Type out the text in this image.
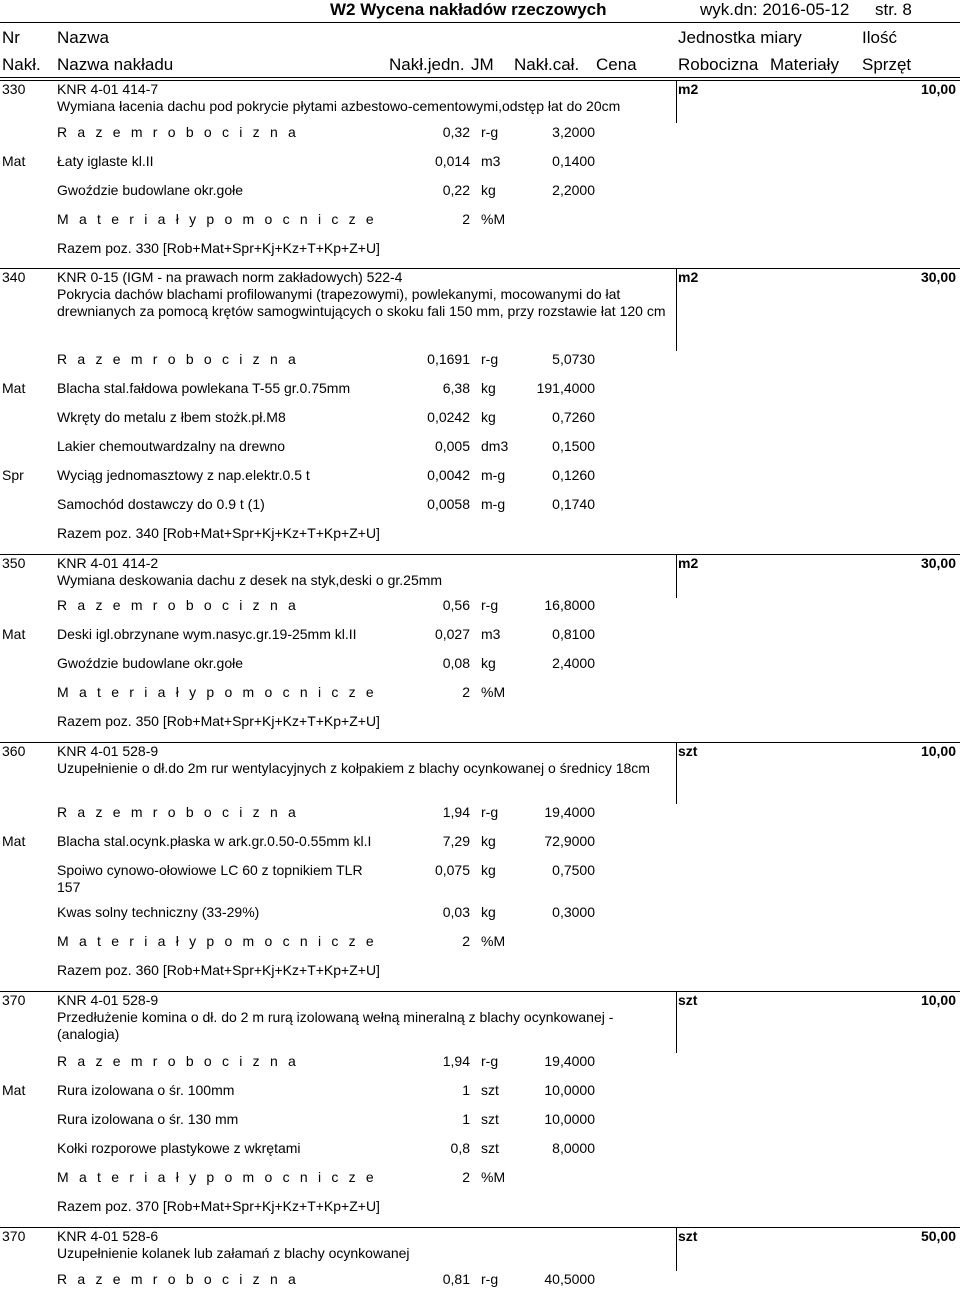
W2 Wycena nakładów rzeczowych	wyk.dn: 2016-05-12 str. 8
Nr Nazwa	Jednostka miary	Ilość
Nakł. Nazwa nakładu	Nakł.jedn. JM Nakł.cał. Cena Robocizna Materiały Sprzęt
330 KNR 4-01 414-7
Wymiana łacenia dachu pod pokrycie płytami azbestowo-cementowymi,odstęp łat do 20cm
m2	10,00
R a z e m r o b o c i z n a	0,32 r-g	3,2000
Mat Łaty iglaste kl.II	0,014 m3	0,1400
Gwoździe budowlane okr.gołe	0,22 kg	2,2000
M a t e r i a ł y p o m o c n i c z e	2 %M
Razem poz. 330 [Rob+Mat+Spr+Kj+Kz+T+Kp+Z+U]
340 KNR 0-15 (IGM - na prawach norm zakładowych) 522-4
Pokrycia dachów blachami profilowanymi (trapezowymi), powlekanymi, mocowanymi do łat drewnianych za pomocą krętów samogwintujących o skoku fali 150 mm, przy rozstawie łat 120 cm
m2	30,00
R a z e m r o b o c i z n a	0,1691 r-g	5,0730
Mat Blacha stal.fałdowa powlekana T-55 gr.0.75mm	6,38 kg	191,4000
Wkręty do metalu z łbem stożk.pł.M8	0,0242 kg	0,7260
Lakier chemoutwardzalny na drewno	0,005 dm3	0,1500
Spr Wyciąg jednomasztowy z nap.elektr.0.5 t	0,0042 m-g	0,1260
Samochód dostawczy do 0.9 t (1)	0,0058 m-g	0,1740
Razem poz. 340 [Rob+Mat+Spr+Kj+Kz+T+Kp+Z+U]
350 KNR 4-01 414-2
Wymiana deskowania dachu z desek na styk,deski o gr.25mm
m2	30,00
R a z e m r o b o c i z n a	0,56 r-g	16,8000
Mat Deski igl.obrzynane wym.nasyc.gr.19-25mm kl.II	0,027 m3	0,8100
Gwoździe budowlane okr.gołe	0,08 kg	2,4000
M a t e r i a ł y p o m o c n i c z e	2 %M
Razem poz. 350 [Rob+Mat+Spr+Kj+Kz+T+Kp+Z+U]
360 KNR 4-01 528-9
Uzupełnienie o dł.do 2m rur wentylacyjnych z kołpakiem z blachy ocynkowanej o średnicy 18cm
szt	10,00
R a z e m r o b o c i z n a	1,94 r-g	19,4000
Mat Blacha stal.ocynk.płaska w ark.gr.0.50-0.55mm kl.I	7,29 kg	72,9000
Spoiwo cynowo-ołowiowe LC 60 z topnikiem TLR 157
0,075 kg	0,7500
Kwas solny techniczny (33-29%)	0,03 kg	0,3000
M a t e r i a ł y p o m o c n i c z e	2 %M
Razem poz. 360 [Rob+Mat+Spr+Kj+Kz+T+Kp+Z+U]
370 KNR 4-01 528-9
Przedłużenie komina o dł. do 2 m rurą izolowaną wełną mineralną z blachy ocynkowanej - (analogia)
szt	10,00
R a z e m r o b o c i z n a	1,94 r-g	19,4000
Mat Rura izolowana o śr. 100mm	1 szt	10,0000
Rura izolowana o śr. 130 mm	1 szt	10,0000
Kołki rozporowe plastykowe z wkrętami	0,8 szt	8,0000
M a t e r i a ł y p o m o c n i c z e	2 %M
Razem poz. 370 [Rob+Mat+Spr+Kj+Kz+T+Kp+Z+U]
370 KNR 4-01 528-6
Uzupełnienie kolanek lub załamań z blachy ocynkowanej
szt	50,00
R a z e m r o b o c i z n a	0,81 r-g	40,5000
